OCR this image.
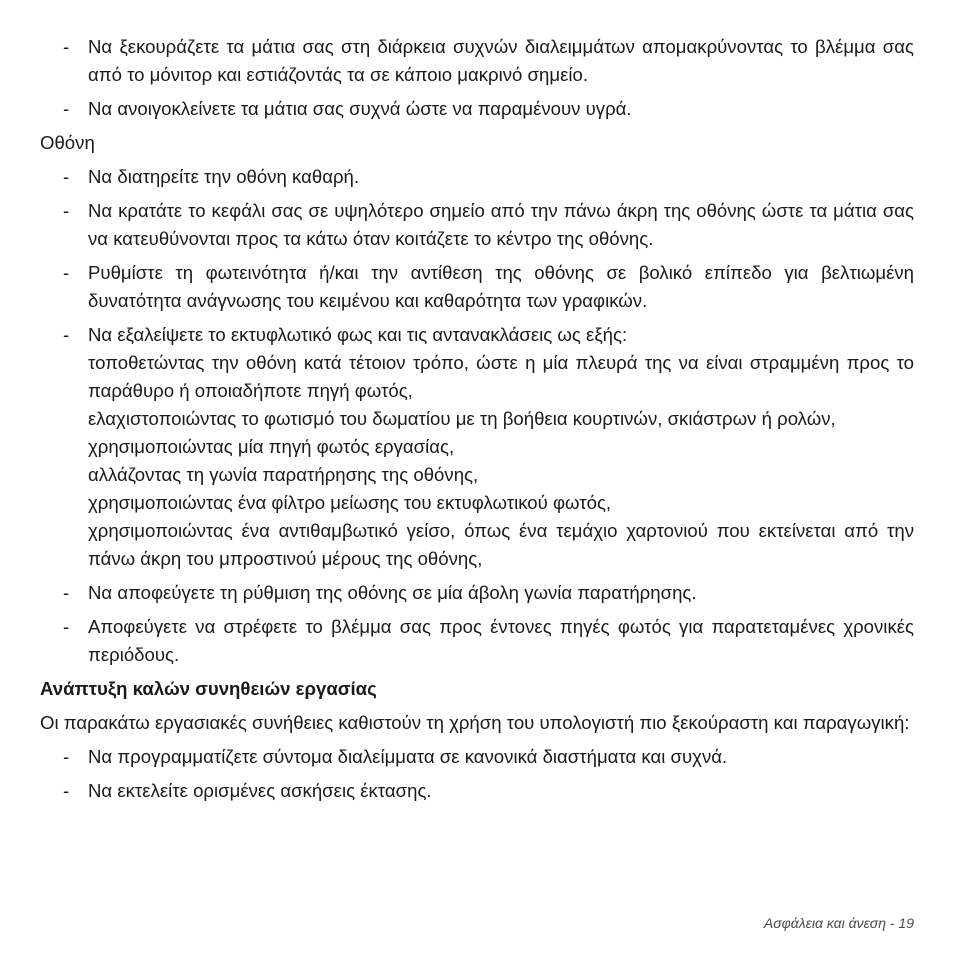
- Να ξεκουράζετε τα μάτια σας στη διάρκεια συχνών διαλειμμάτων απομακρύνοντας το βλέμμα σας από το μόνιτορ και εστιάζοντάς τα σε κάποιο μακρινό σημείο.
- Να ανοιγοκλείνετε τα μάτια σας συχνά ώστε να παραμένουν υγρά.
Οθόνη
- Να διατηρείτε την οθόνη καθαρή.
- Να κρατάτε το κεφάλι σας σε υψηλότερο σημείο από την πάνω άκρη της οθόνης ώστε τα μάτια σας να κατευθύνονται προς τα κάτω όταν κοιτάζετε το κέντρο της οθόνης.
- Ρυθμίστε τη φωτεινότητα ή/και την αντίθεση της οθόνης σε βολικό επίπεδο για βελτιωμένη δυνατότητα ανάγνωσης του κειμένου και καθαρότητα των γραφικών.
- Να εξαλείψετε το εκτυφλωτικό φως και τις αντανακλάσεις ως εξής:
τοποθετώντας την οθόνη κατά τέτοιον τρόπο, ώστε η μία πλευρά της να είναι στραμμένη προς το παράθυρο ή οποιαδήποτε πηγή φωτός,
ελαχιστοποιώντας το φωτισμό του δωματίου με τη βοήθεια κουρτινών, σκιάστρων ή ρολών,
χρησιμοποιώντας μία πηγή φωτός εργασίας,
αλλάζοντας τη γωνία παρατήρησης της οθόνης,
χρησιμοποιώντας ένα φίλτρο μείωσης του εκτυφλωτικού φωτός,
χρησιμοποιώντας ένα αντιθαμβωτικό γείσο, όπως ένα τεμάχιο χαρτονιού που εκτείνεται από την πάνω άκρη του μπροστινού μέρους της οθόνης,
- Να αποφεύγετε τη ρύθμιση της οθόνης σε μία άβολη γωνία παρατήρησης.
- Αποφεύγετε να στρέφετε το βλέμμα σας προς έντονες πηγές φωτός για παρατεταμένες χρονικές περιόδους.
Ανάπτυξη καλών συνηθειών εργασίας
Οι παρακάτω εργασιακές συνήθειες καθιστούν τη χρήση του υπολογιστή πιο ξεκούραστη και παραγωγική:
- Να προγραμματίζετε σύντομα διαλείμματα σε κανονικά διαστήματα και συχνά.
- Να εκτελείτε ορισμένες ασκήσεις έκτασης.
Ασφάλεια και άνεση - 19
